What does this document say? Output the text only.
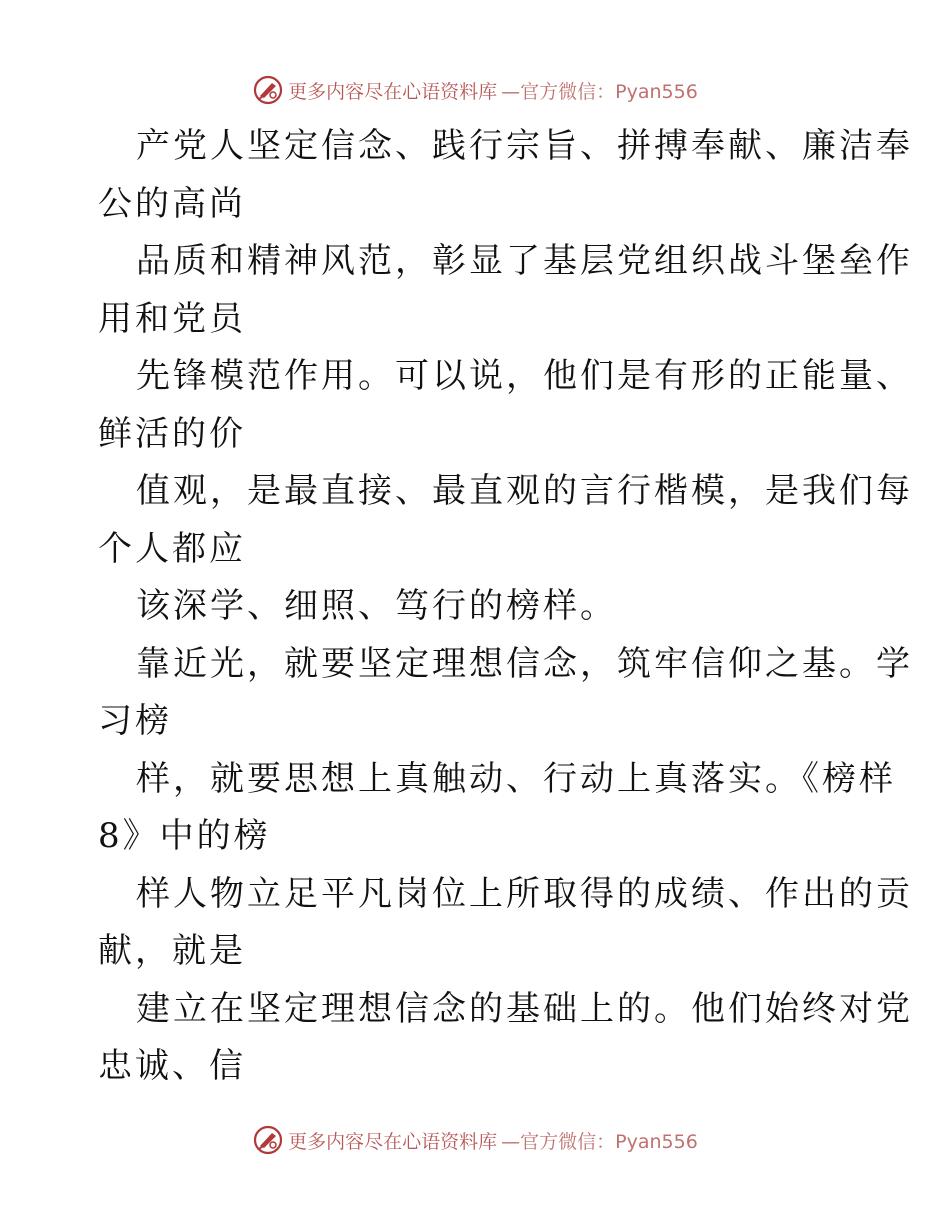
更多内容尽在心语资料库 —官方微信：Pyan556
产党人坚定信念、践行宗旨、拼搏奉献、廉洁奉
公的高尚
品质和精神风范，彰显了基层党组织战斗堡垒作
用和党员
先锋模范作用。可以说，他们是有形的正能量、
鲜活的价
值观，是最直接、最直观的言行楷模，是我们每
个人都应
该深学、细照、笃行的榜样。
靠近光，就要坚定理想信念，筑牢信仰之基。学
习榜
样，就要思想上真触动、行动上真落实。《榜样
8》中的榜
样人物立足平凡岗位上所取得的成绩、作出的贡
献，就是
建立在坚定理想信念的基础上的。他们始终对党
忠诚、信
更多内容尽在心语资料库 —官方微信：Pyan556
